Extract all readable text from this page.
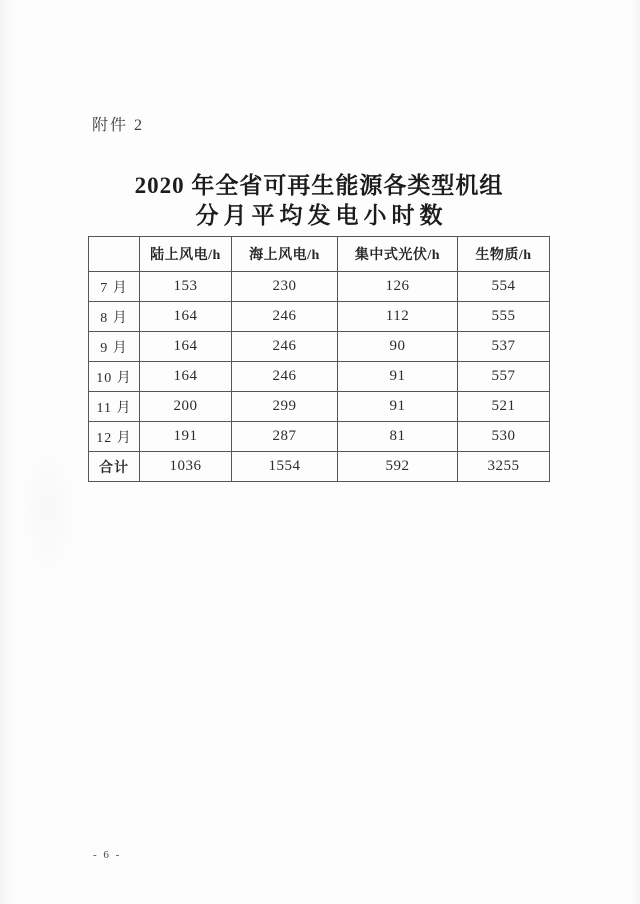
附件 2
2020 年全省可再生能源各类型机组
分月平均发电小时数
	陆上风电/h	海上风电/h	集中式光伏/h	生物质/h
7 月	153	230	126	554
8 月	164	246	112	555
9 月	164	246	90	537
10 月	164	246	91	557
11 月	200	299	91	521
12 月	191	287	81	530
合计	1036	1554	592	3255
- 6 -
